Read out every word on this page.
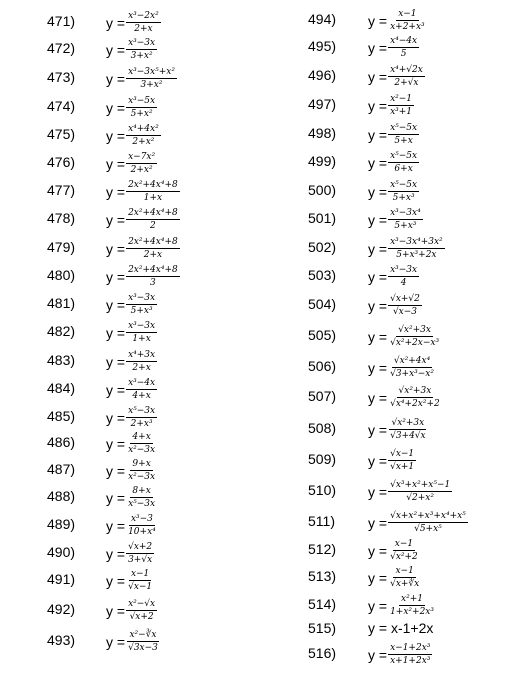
471) $y = \frac{\text{x³−2x²}}{2+x}$
472) $y = \frac{\text{x³−3x}}{\text{3+x²}}$
473) $y = \frac{\text{x³−3x⁵+x²}}{\text{3+x²}}$
474) $y = \frac{\text{x³−5x}}{\text{5+x²}}$
475) $y = \frac{\text{x⁴+4x²}}{\text{2+x²}}$
476) $y = \frac{\text{x−7x²}}{\text{2+x²}}$
477) $y = \frac{\text{2x²+4x⁴+8}}{1+x}$
478) $y = \frac{\text{2x²+4x⁴+8}}{2}$
479) $y = \frac{\text{2x²+4x⁴+8}}{2+x}$
480) $y = \frac{\text{2x²+4x⁴+8}}{3}$
481) $y = \frac{\text{x³−3x}}{\text{5+x³}}$
482) $y = \frac{\text{x³−3x}}{1+x}$
483) $y = \frac{\text{x⁴+3x}}{2+x}$
484) $y = \frac{\text{x³−4x}}{4+x}$
485) $y = \frac{\text{x⁵−3x}}{\text{2+x³}}$
486) $y = \frac{4+x}{\text{x²−3x}}$
487) $y = \frac{9+x}{\text{x²−3x}}$
488) $y = \frac{8+x}{\text{x⁵−3x}}$
489) $y = \frac{\text{x³−3}}{\text{10+x⁴}}$
490) $y = \frac{√x+2}{3+√x}$
491) $y = \frac{x-1}{√x-1}$
492) $y = \frac{\text{x²−√x}}{√x+2}$
493) $y = \frac{\text{x²−∛x}}{√3x-3}$
494) $y = \frac{x-1}{\text{x+2+x³}}$
495) $y = \frac{\text{x⁴−4x}}{5}$
496) $y = \frac{\text{x⁴+√2x}}{2+√x}$
497) $y = \frac{\text{x²−1}}{\text{x³+1}}$
498) $y = \frac{\text{x⁵−5x}}{5+x}$
499) $y = \frac{\text{x⁵−5x}}{6+x}$
500) $y = \frac{\text{x⁵−5x}}{\text{5+x³}}$
501) $y = \frac{\text{x³−3x⁴}}{\text{5+x³}}$
502) $y = \frac{\text{x³−3x⁴+3x²}}{\text{5+x³+2x}}$
503) $y = \frac{\text{x³−3x}}{4}$
504) $y = \frac{√x+√2}{√x-3}$
505) $y = \frac{\text{√x²+3x}}{\text{√x²+2x−x³}}$
506) $y = \frac{\text{√x²+4x⁴}}{\text{√3+x³−x²}}$
507) $y = \frac{\text{√x²+3x}}{\text{√x⁴+2x²+2}}$
508) $y = \frac{\text{√x²+3x}}{√3+4√x}$
509) $y = \frac{√x-1}{√x+1}$
510) $y = \frac{\text{√x³+x²+x⁵−1}}{\text{√2+x²}}$
511) $y = \frac{\text{√x+x²+x³+x⁴+x⁵}}{\text{√5+x⁵}}$
512) $y = \frac{x-1}{\text{√x²+2}}$
513) $y = \frac{x-1}{√x+∛x}$
514) $y = \frac{\text{x²+1}}{\text{1+x²+2x³}}$
515) y = x-1+2x
516) $y = \frac{\text{x−1+2x³}}{\text{x+1+2x³}}$
